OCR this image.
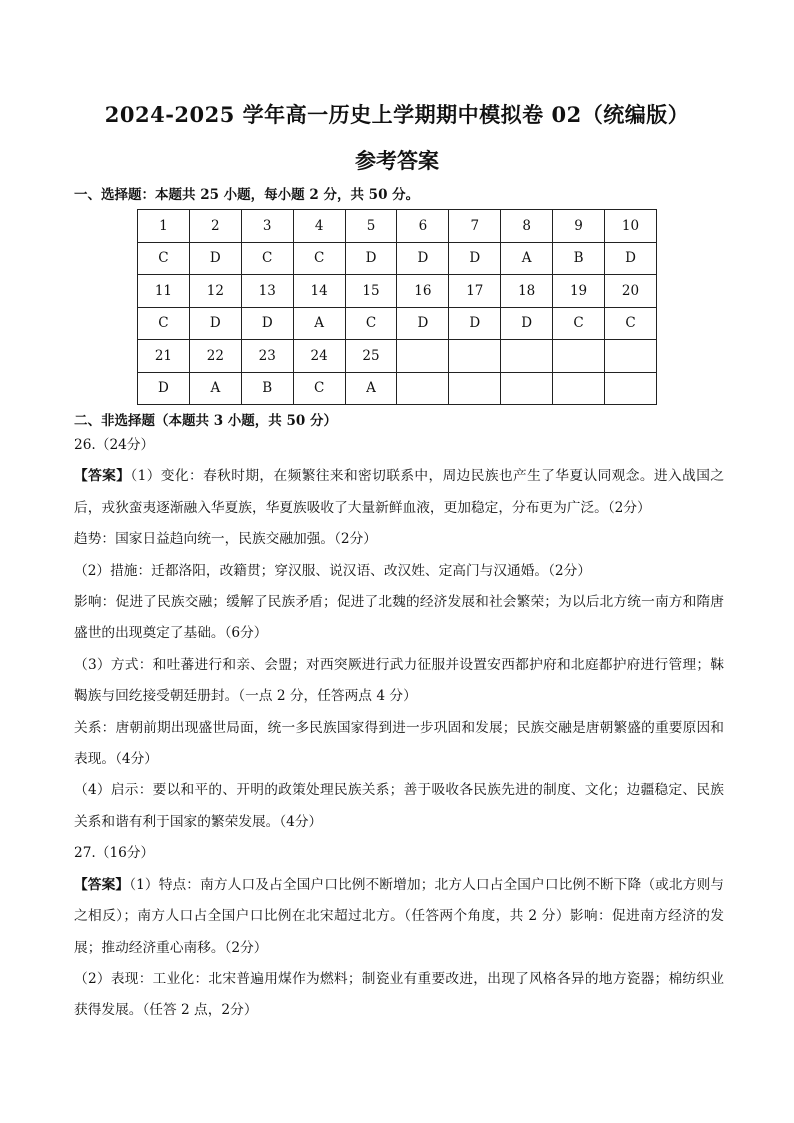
2024-2025 学年高一历史上学期期中模拟卷 02（统编版）
参考答案
一、选择题：本题共 25 小题，每小题 2 分，共 50 分。
1	2	3	4	5	6	7	8	9	10
C	D	C	C	D	D	D	A	B	D
11	12	13	14	15	16	17	18	19	20
C	D	D	A	C	D	D	D	C	C
21	22	23	24	25					
D	A	B	C	A					
二、非选择题（本题共 3 小题，共 50 分）

26.（24分）

【答案】（1）变化：春秋时期，在频繁往来和密切联系中，周边民族也产生了华夏认同观念。进入战国之后，戎狄蛮夷逐渐融入华夏族，华夏族吸收了大量新鲜血液，更加稳定，分布更为广泛。（2分）

趋势：国家日益趋向统一，民族交融加强。（2分）

（2）措施：迁都洛阳，改籍贯；穿汉服、说汉语、改汉姓、定高门与汉通婚。（2分）

影响：促进了民族交融；缓解了民族矛盾；促进了北魏的经济发展和社会繁荣；为以后北方统一南方和隋唐盛世的出现奠定了基础。（6分）

（3）方式：和吐蕃进行和亲、会盟；对西突厥进行武力征服并设置安西都护府和北庭都护府进行管理；靺鞨族与回纥接受朝廷册封。（一点 2 分，任答两点 4 分）

关系：唐朝前期出现盛世局面，统一多民族国家得到进一步巩固和发展；民族交融是唐朝繁盛的重要原因和表现。（4分）

（4）启示：要以和平的、开明的政策处理民族关系；善于吸收各民族先进的制度、文化；边疆稳定、民族关系和谐有利于国家的繁荣发展。（4分）

27.（16分）

【答案】（1）特点：南方人口及占全国户口比例不断增加；北方人口占全国户口比例不断下降（或北方则与之相反）；南方人口占全国户口比例在北宋超过北方。（任答两个角度，共 2 分）影响：促进南方经济的发展；推动经济重心南移。（2分）

（2）表现：工业化：北宋普遍用煤作为燃料；制瓷业有重要改进，出现了风格各异的地方瓷器；棉纺织业获得发展。（任答 2 点，2分）
